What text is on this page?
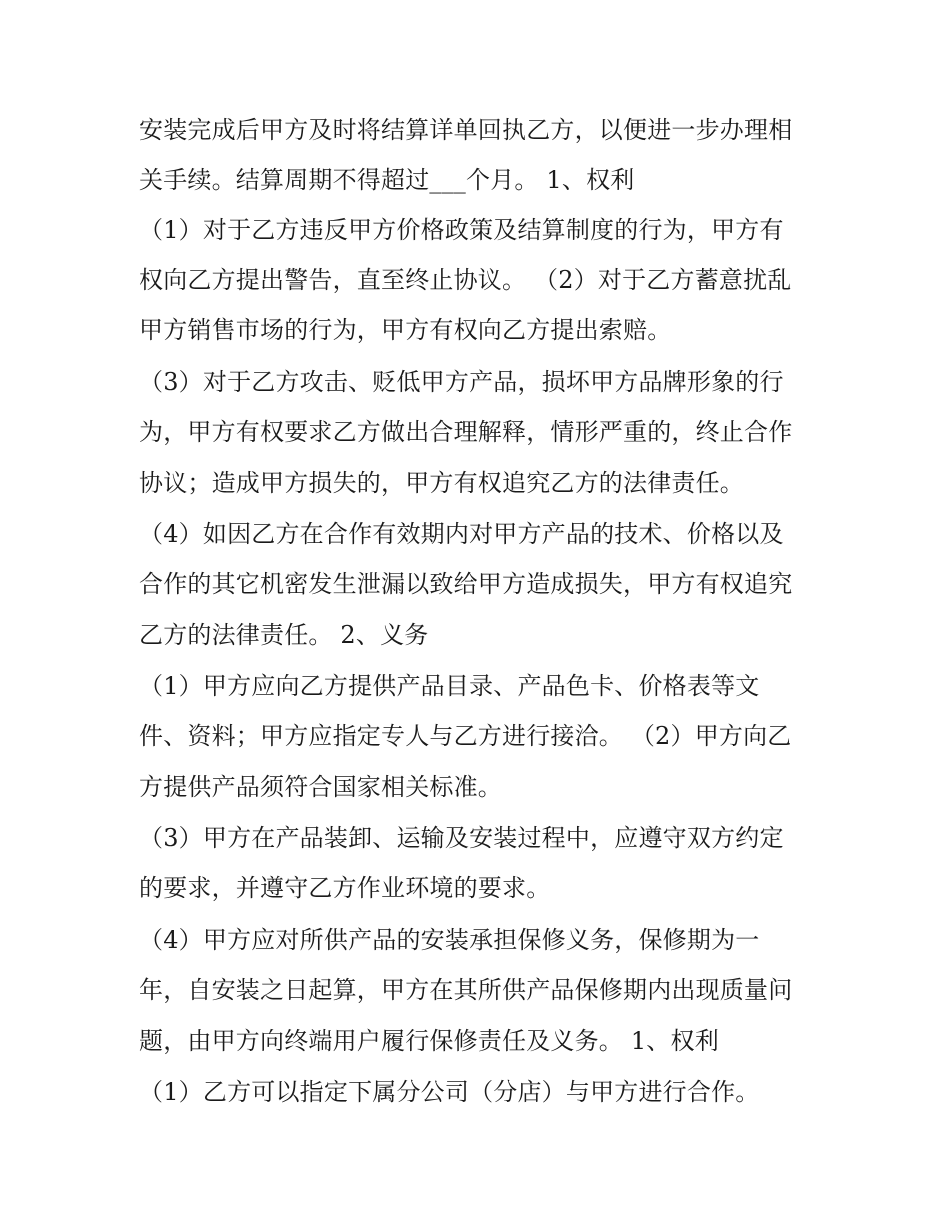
安装完成后甲方及时将结算详单回执乙方，以便进一步办理相
关手续。结算周期不得超过___个月。 1、权利
（1）对于乙方违反甲方价格政策及结算制度的行为，甲方有
权向乙方提出警告，直至终止协议。 （2）对于乙方蓄意扰乱
甲方销售市场的行为，甲方有权向乙方提出索赔。
（3）对于乙方攻击、贬低甲方产品，损坏甲方品牌形象的行
为，甲方有权要求乙方做出合理解释，情形严重的，终止合作
协议；造成甲方损失的，甲方有权追究乙方的法律责任。
（4）如因乙方在合作有效期内对甲方产品的技术、价格以及
合作的其它机密发生泄漏以致给甲方造成损失，甲方有权追究
乙方的法律责任。 2、义务
（1）甲方应向乙方提供产品目录、产品色卡、价格表等文
件、资料；甲方应指定专人与乙方进行接洽。 （2）甲方向乙
方提供产品须符合国家相关标准。
（3）甲方在产品装卸、运输及安装过程中，应遵守双方约定
的要求，并遵守乙方作业环境的要求。
（4）甲方应对所供产品的安装承担保修义务，保修期为一
年，自安装之日起算，甲方在其所供产品保修期内出现质量问
题，由甲方向终端用户履行保修责任及义务。 1、权利
（1）乙方可以指定下属分公司（分店）与甲方进行合作。
